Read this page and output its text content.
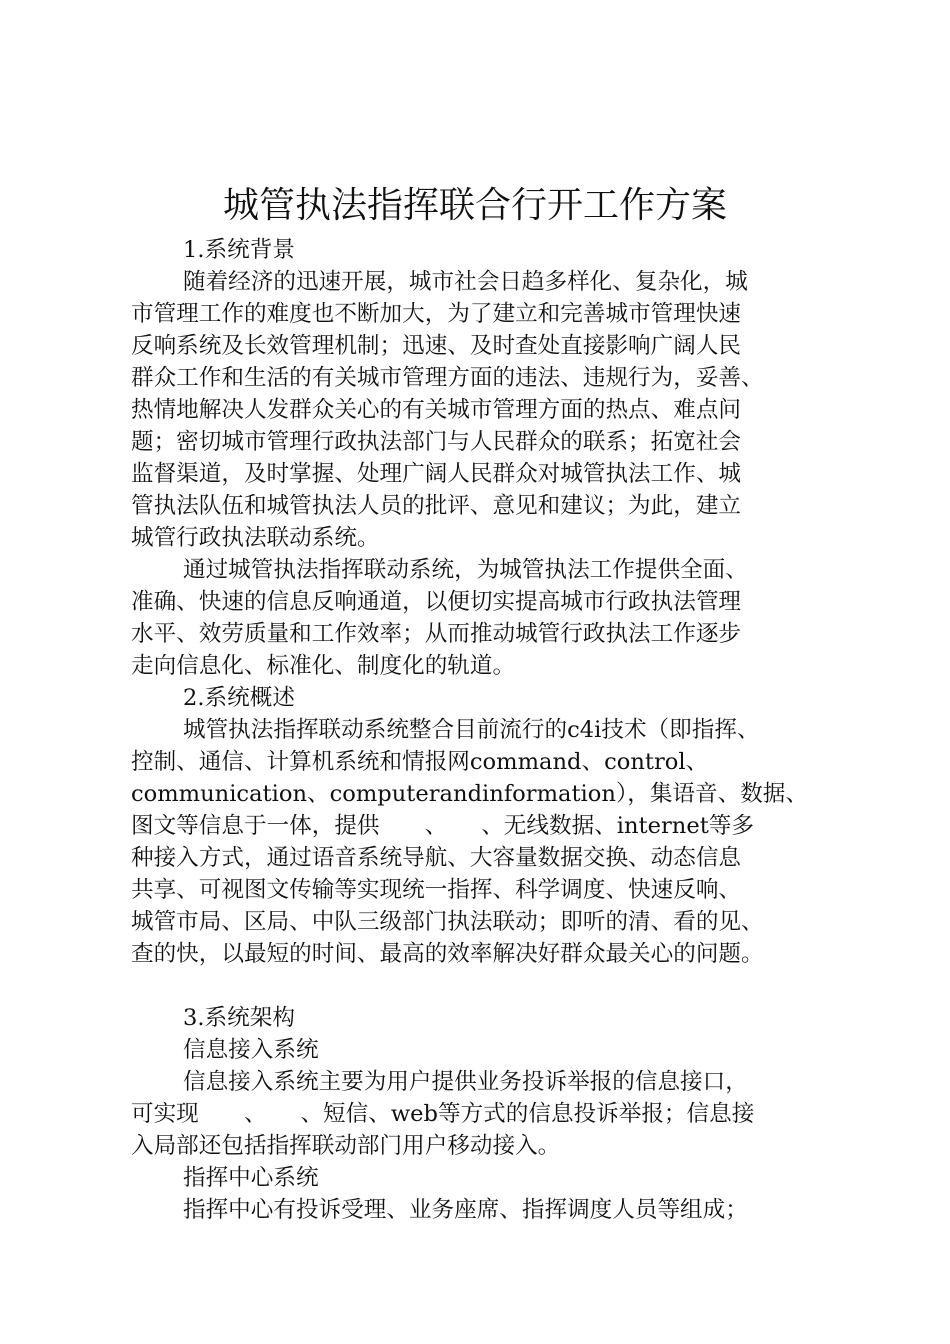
城管执法指挥联合行开工作方案
1.系统背景
随着经济的迅速开展，城市社会日趋多样化、复杂化，城
市管理工作的难度也不断加大，为了建立和完善城市管理快速
反响系统及长效管理机制；迅速、及时查处直接影响广阔人民
群众工作和生活的有关城市管理方面的违法、违规行为，妥善、
热情地解决人发群众关心的有关城市管理方面的热点、难点问
题；密切城市管理行政执法部门与人民群众的联系；拓宽社会
监督渠道，及时掌握、处理广阔人民群众对城管执法工作、城
管执法队伍和城管执法人员的批评、意见和建议；为此，建立
城管行政执法联动系统。
通过城管执法指挥联动系统，为城管执法工作提供全面、
准确、快速的信息反响通道，以便切实提高城市行政执法管理
水平、效劳质量和工作效率；从而推动城管行政执法工作逐步
走向信息化、标准化、制度化的轨道。
2.系统概述
城管执法指挥联动系统整合目前流行的c4i技术（即指挥、
控制、通信、计算机系统和情报网command、control、
communication、computerandinformation），集语音、数据、
图文等信息于一体，提供　　、　　、无线数据、internet等多
种接入方式，通过语音系统导航、大容量数据交换、动态信息
共享、可视图文传输等实现统一指挥、科学调度、快速反响、
城管市局、区局、中队三级部门执法联动；即听的清、看的见、
查的快，以最短的时间、最高的效率解决好群众最关心的问题。
3.系统架构
信息接入系统
信息接入系统主要为用户提供业务投诉举报的信息接口，
可实现　　、　　、短信、web等方式的信息投诉举报；信息接
入局部还包括指挥联动部门用户移动接入。
指挥中心系统
指挥中心有投诉受理、业务座席、指挥调度人员等组成；
